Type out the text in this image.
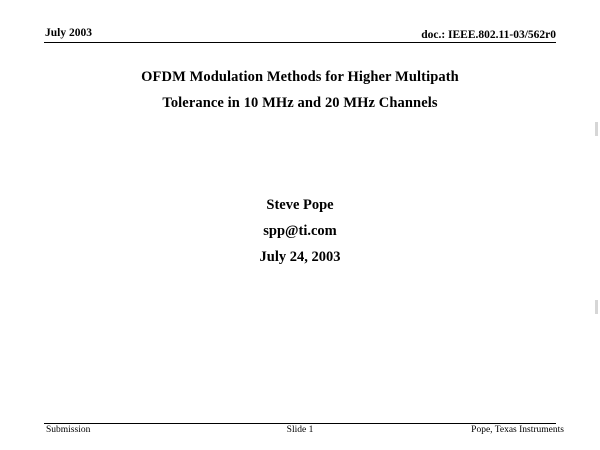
July 2003	doc.: IEEE.802.11-03/562r0
OFDM Modulation Methods for Higher Multipath
Tolerance in 10 MHz and 20 MHz Channels
Steve Pope
spp@ti.com
July 24, 2003
Submission	Slide 1	Pope, Texas Instruments
